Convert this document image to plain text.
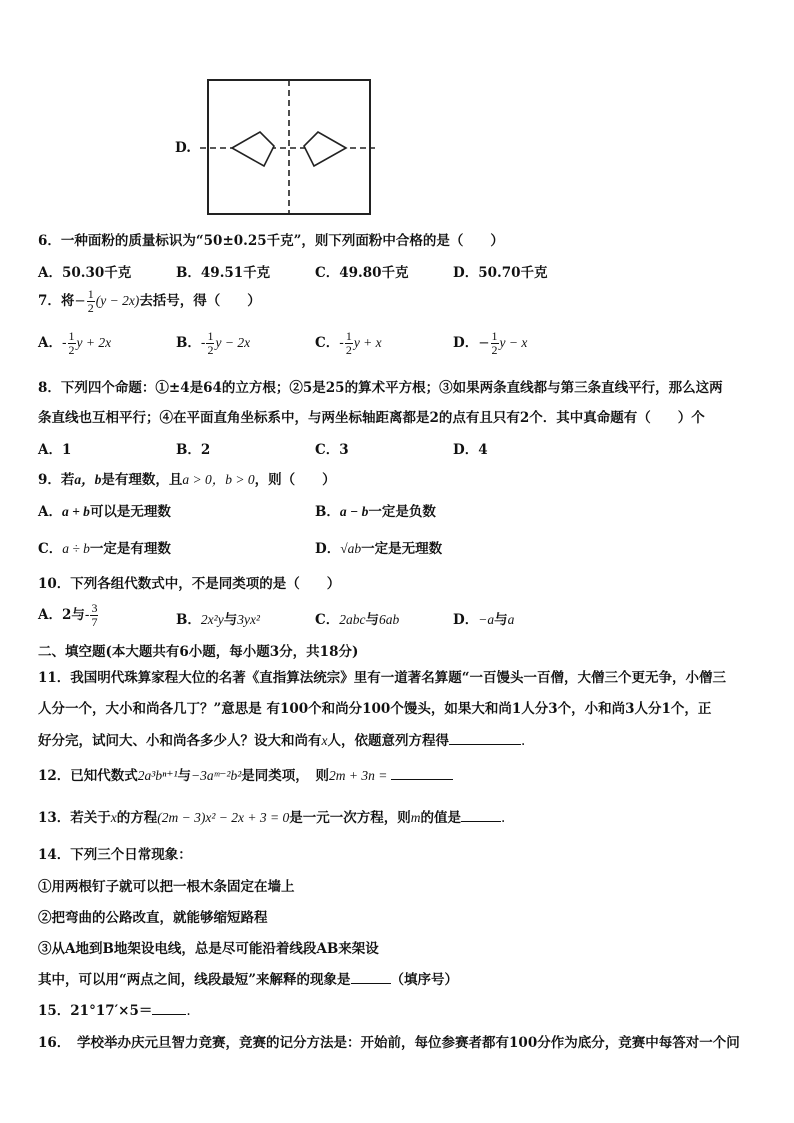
D.
6．一种面粉的质量标识为“50±0.25千克”，则下列面粉中合格的是（　　）
A．50.30千克	B．49.51千克	C．49.80千克	D．50.70千克
7．将− $\frac{1}{2} (y - 2x)$去括号，得（　　）
A．- $\frac{1}{2}$ y + 2x	B．- $\frac{1}{2}$ y − 2x	C．- $\frac{1}{2}$ y + x	D．− $\frac{1}{2}$ y − x
8．下列四个命题：①±4是64的立方根；②5是25的算术平方根；③如果两条直线都与第三条直线平行，那么这两
条直线也互相平行；④在平面直角坐标系中，与两坐标轴距离都是2的点有且只有2个．其中真命题有（　　）个
A．1	B．2	C．3	D．4
9．若a，b是有理数，且a > 0，b > 0，则（　　）
A．a + b可以是无理数	B．a − b一定是负数
C．a ÷ b一定是有理数	D．√ab一定是无理数
10．下列各组代数式中，不是同类项的是（　　）
A．2与- $\frac{3}{7}$	B．2x²y与3yx²	C．2abc与6ab	D．−a与a
二、填空题(本大题共有6小题，每小题3分，共18分)
11．我国明代珠算家程大位的名著《直指算法统宗》里有一道著名算题“一百馒头一百僧，大僧三个更无争，小僧三
人分一个，大小和尚各几丁？”意思是 有100个和尚分100个馒头，如果大和尚1人分3个，小和尚3人分1个，正
好分完，试问大、小和尚各多少人？设大和尚有x人，依题意列方程得	.
12．已知代数式2a³bⁿ⁺¹与−3aᵐ⁻²b²是同类项，　则2m + 3n =
13．若关于x的方程(2m − 3)x² − 2x + 3 = 0是一元一次方程，则m的值是	.
14．下列三个日常现象：
①用两根钉子就可以把一根木条固定在墙上
②把弯曲的公路改直，就能够缩短路程
③从A地到B地架设电线，总是尽可能沿着线段AB来架设
其中，可以用“两点之间，线段最短”来解释的现象是	（填序号）
15．21°17′×5＝	.
16．　学校举办庆元旦智力竞赛，竞赛的记分方法是：开始前，每位参赛者都有100分作为底分，竞赛中每答对一个问
